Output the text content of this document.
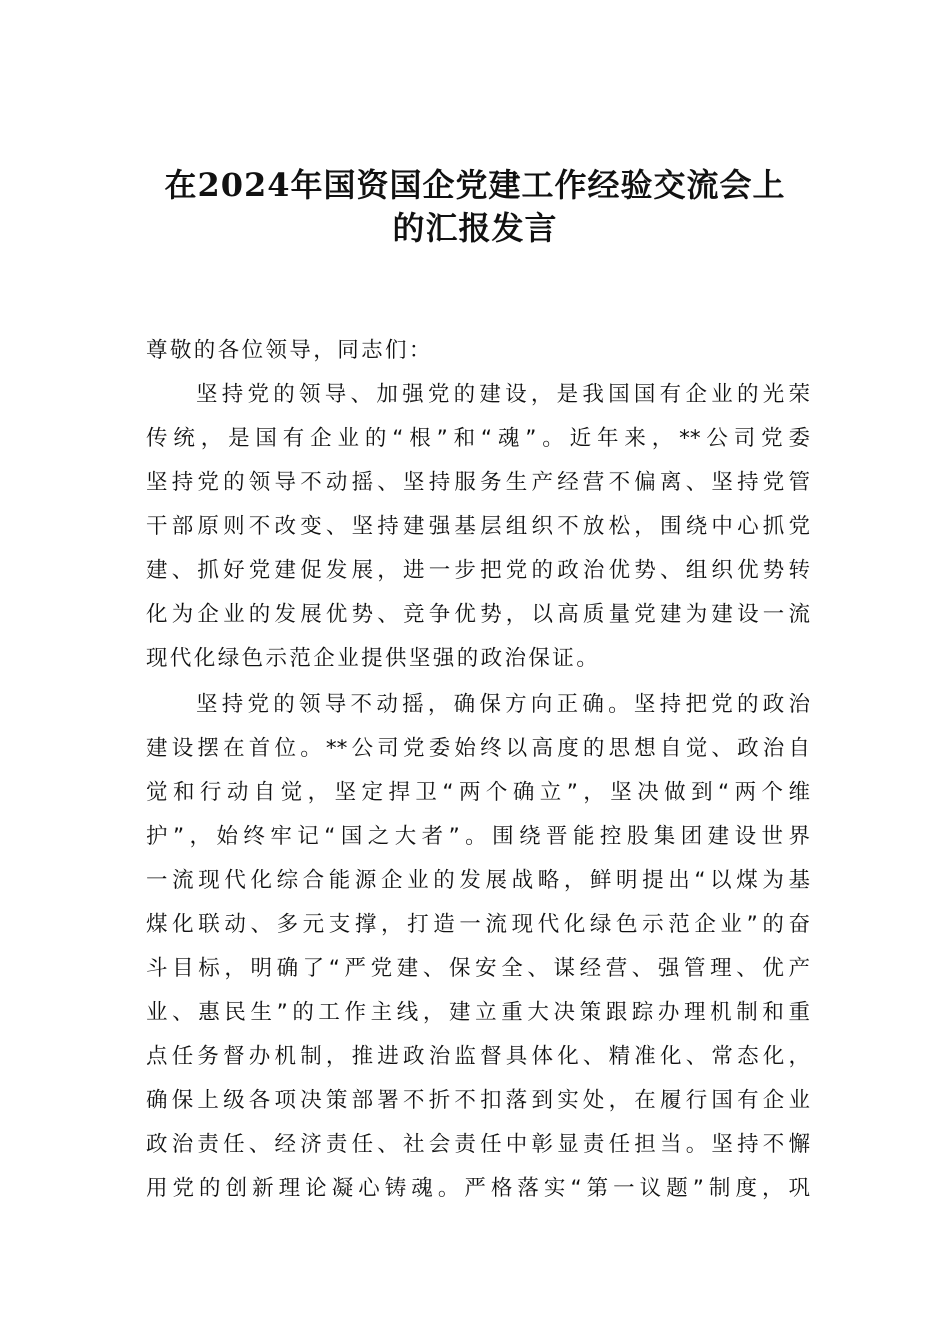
在2024年国资国企党建工作经验交流会上
的汇报发言
尊敬的各位领导，同志们：
坚持党的领导、加强党的建设，是我国国有企业的光荣
传统，是国有企业的“根”和“魂”。近年来，**公司党委
坚持党的领导不动摇、坚持服务生产经营不偏离、坚持党管
干部原则不改变、坚持建强基层组织不放松，围绕中心抓党
建、抓好党建促发展，进一步把党的政治优势、组织优势转
化为企业的发展优势、竞争优势，以高质量党建为建设一流
现代化绿色示范企业提供坚强的政治保证。
坚持党的领导不动摇，确保方向正确。坚持把党的政治
建设摆在首位。**公司党委始终以高度的思想自觉、政治自
觉和行动自觉，坚定捍卫“两个确立”，坚决做到“两个维
护”，始终牢记“国之大者”。围绕晋能控股集团建设世界
一流现代化综合能源企业的发展战略，鲜明提出“以煤为基
煤化联动、多元支撑，打造一流现代化绿色示范企业”的奋
斗目标，明确了“严党建、保安全、谋经营、强管理、优产
业、惠民生”的工作主线，建立重大决策跟踪办理机制和重
点任务督办机制，推进政治监督具体化、精准化、常态化，
确保上级各项决策部署不折不扣落到实处，在履行国有企业
政治责任、经济责任、社会责任中彰显责任担当。坚持不懈
用党的创新理论凝心铸魂。严格落实“第一议题”制度，巩
